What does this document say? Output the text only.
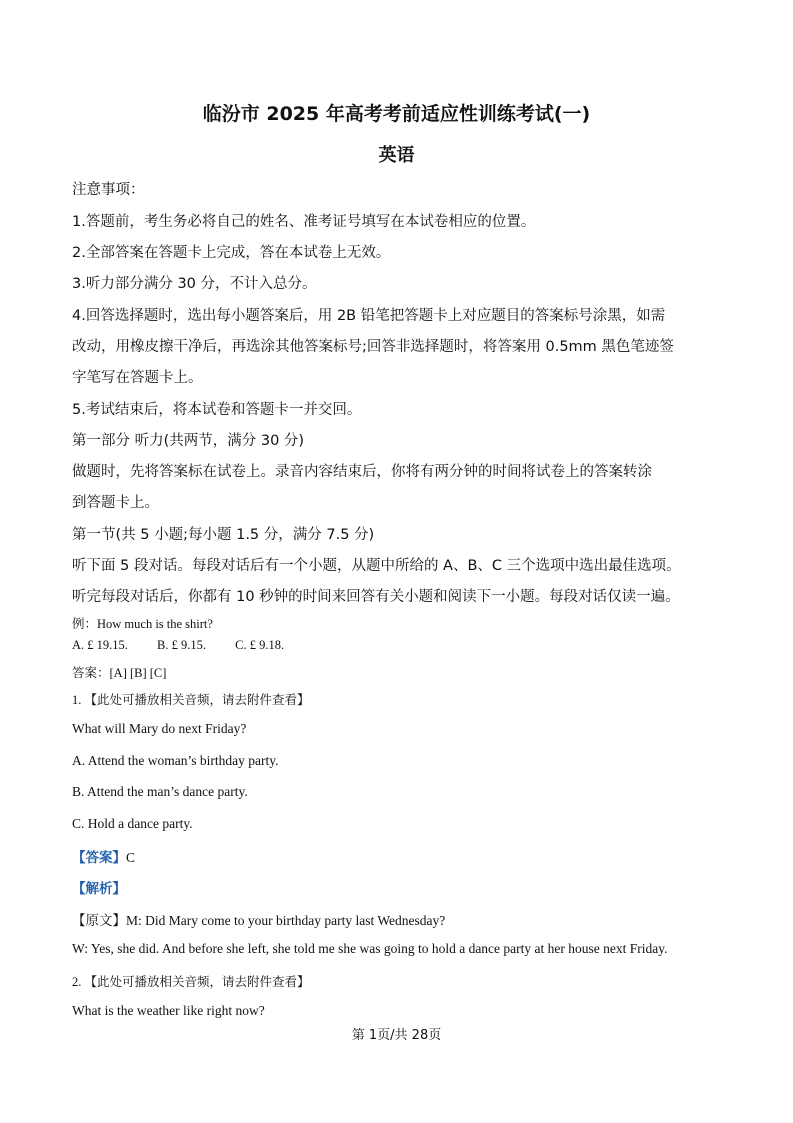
临汾市 2025 年高考考前适应性训练考试(一)
英语
注意事项：
1.答题前，考生务必将自己的姓名、准考证号填写在本试卷相应的位置。
2.全部答案在答题卡上完成，答在本试卷上无效。
3.听力部分满分 30 分，不计入总分。
4.回答选择题时，选出每小题答案后，用 2B 铅笔把答题卡上对应题目的答案标号涂黑，如需
改动，用橡皮擦干净后，再选涂其他答案标号;回答非选择题时，将答案用 0.5mm 黑色笔迹签
字笔写在答题卡上。
5.考试结束后，将本试卷和答题卡一并交回。
第一部分 听力(共两节，满分 30 分)
做题时，先将答案标在试卷上。录音内容结束后，你将有两分钟的时间将试卷上的答案转涂
到答题卡上。
第一节(共 5 小题;每小题 1.5 分，满分 7.5 分)
听下面 5 段对话。每段对话后有一个小题，从题中所给的 A、B、C 三个选项中选出最佳选项。
听完每段对话后，你都有 10 秒钟的时间来回答有关小题和阅读下一小题。每段对话仅读一遍。
例：How much is the shirt?
A. £ 19.15. B. £ 9.15. C. £ 9.18.
答案：[A] [B] [C]
1. 【此处可播放相关音频，请去附件查看】
What will Mary do next Friday?
A. Attend the woman’s birthday party.
B. Attend the man’s dance party.
C. Hold a dance party.
【答案】C
【解析】
【原文】M: Did Mary come to your birthday party last Wednesday?
W: Yes, she did. And before she left, she told me she was going to hold a dance party at her house next Friday.
2. 【此处可播放相关音频，请去附件查看】
What is the weather like right now?
第 1页/共 28页
